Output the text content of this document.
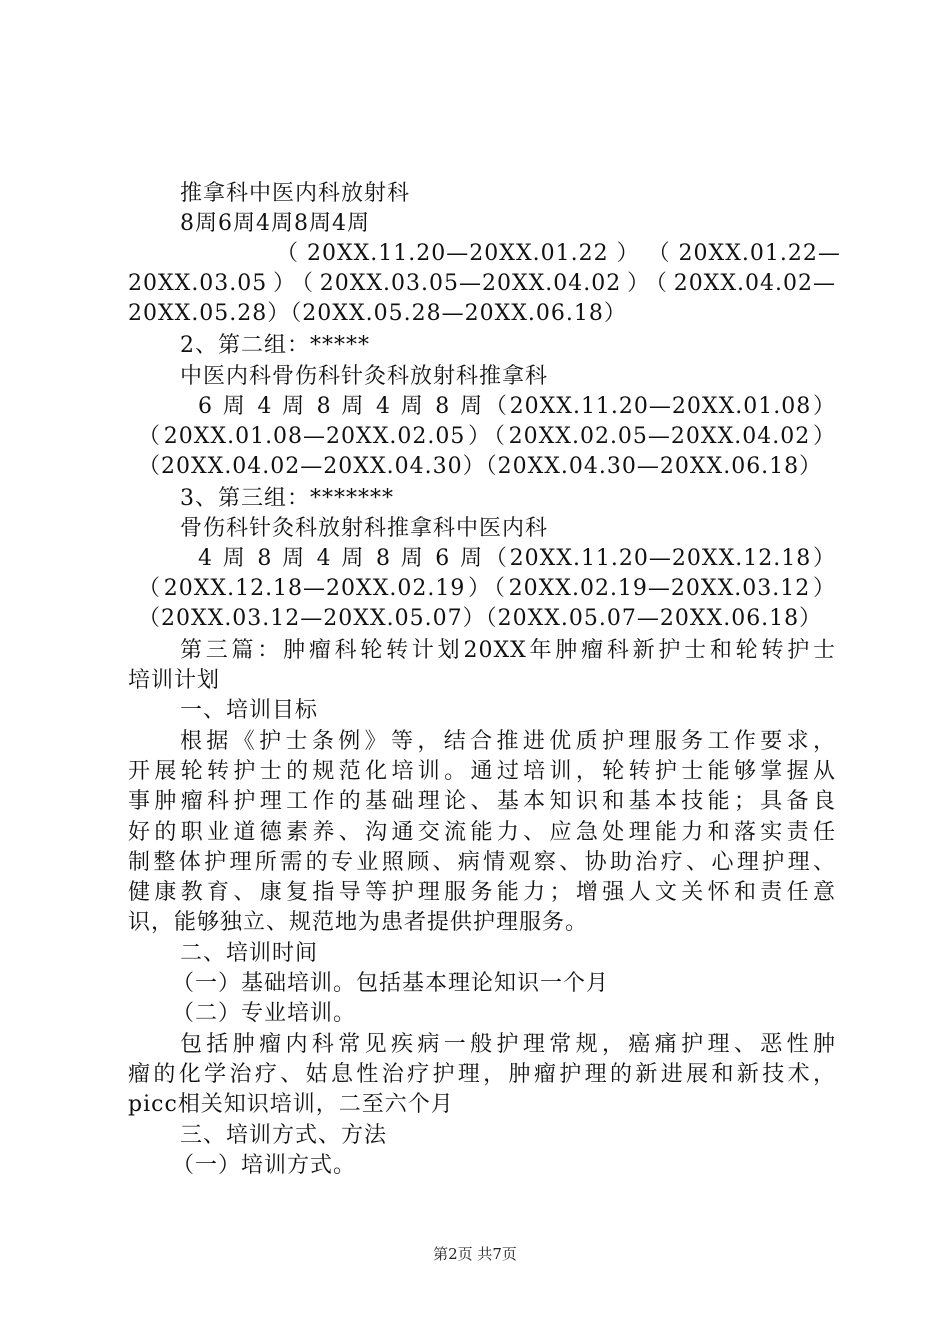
推拿科中医内科放射科
8周6周4周8周4周
（ 20XX.11.20—20XX.01.22 ） （ 20XX.01.22—
20XX.03.05）（20XX.03.05—20XX.04.02）（20XX.04.02—
20XX.05.28）（20XX.05.28—20XX.06.18）
2、第二组：*****
中医内科骨伤科针灸科放射科推拿科
6 周 4 周 8 周 4 周 8 周（20XX.11.20—20XX.01.08）
（20XX.01.08—20XX.02.05）（20XX.02.05—20XX.04.02）
（20XX.04.02—20XX.04.30）（20XX.04.30—20XX.06.18）
3、第三组：*******
骨伤科针灸科放射科推拿科中医内科
4 周 8 周 4 周 8 周 6 周（20XX.11.20—20XX.12.18）
（20XX.12.18—20XX.02.19）（20XX.02.19—20XX.03.12）
（20XX.03.12—20XX.05.07）（20XX.05.07—20XX.06.18）
第三篇：肿瘤科轮转计划20XX年肿瘤科新护士和轮转护士
培训计划
一、培训目标
根据《护士条例》等，结合推进优质护理服务工作要求，
开展轮转护士的规范化培训。通过培训，轮转护士能够掌握从
事肿瘤科护理工作的基础理论、基本知识和基本技能；具备良
好的职业道德素养、沟通交流能力、应急处理能力和落实责任
制整体护理所需的专业照顾、病情观察、协助治疗、心理护理、
健康教育、康复指导等护理服务能力；增强人文关怀和责任意
识，能够独立、规范地为患者提供护理服务。
二、培训时间
（一）基础培训。包括基本理论知识一个月
（二）专业培训。
包括肿瘤内科常见疾病一般护理常规，癌痛护理、恶性肿
瘤的化学治疗、姑息性治疗护理，肿瘤护理的新进展和新技术，
picc相关知识培训，二至六个月
三、培训方式、方法
（一）培训方式。
第2页 共7页
